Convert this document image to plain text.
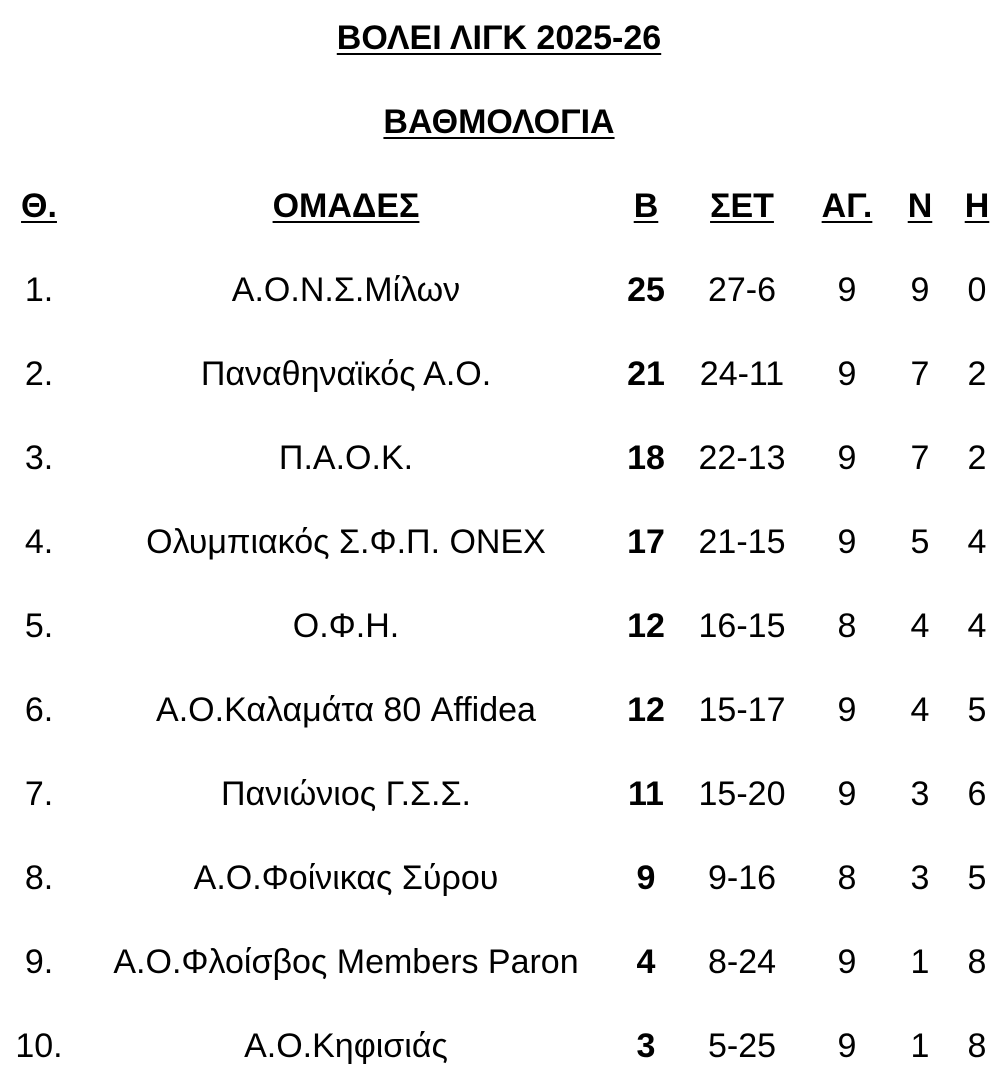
ΒΟΛΕΙ ΛΙΓΚ 2025-26
ΒΑΘΜΟΛΟΓΙΑ
Θ.	ΟΜΑΔΕΣ	Β	ΣΕΤ	ΑΓ.	Ν Η
1.	Α.Ο.Ν.Σ.Μίλων	25	27-6	9	9	0
2.	Παναθηναϊκός Α.Ο.	21	24-11	9	7	2
3.	Π.Α.Ο.Κ.	18 22-13	9	7	2
4.	Ολυμπιακός Σ.Φ.Π. ΟΝΕΧ	17 21-15	9	5	4
5.	Ο.Φ.Η.	12 16-15	8	4	4
6.	Α.Ο.Καλαμάτα 80 Affidea	12 15-17	9	4	5
7.	Πανιώνιος Γ.Σ.Σ.	11	15-20	9	3	6
8.	Α.Ο.Φοίνικας Σύρου	9	9-16	8	3	5
9.	Α.Ο.Φλοίσβος Members Paron	4	8-24	9	1	8
10.	Α.Ο.Κηφισιάς	3	5-25	9	1	8
